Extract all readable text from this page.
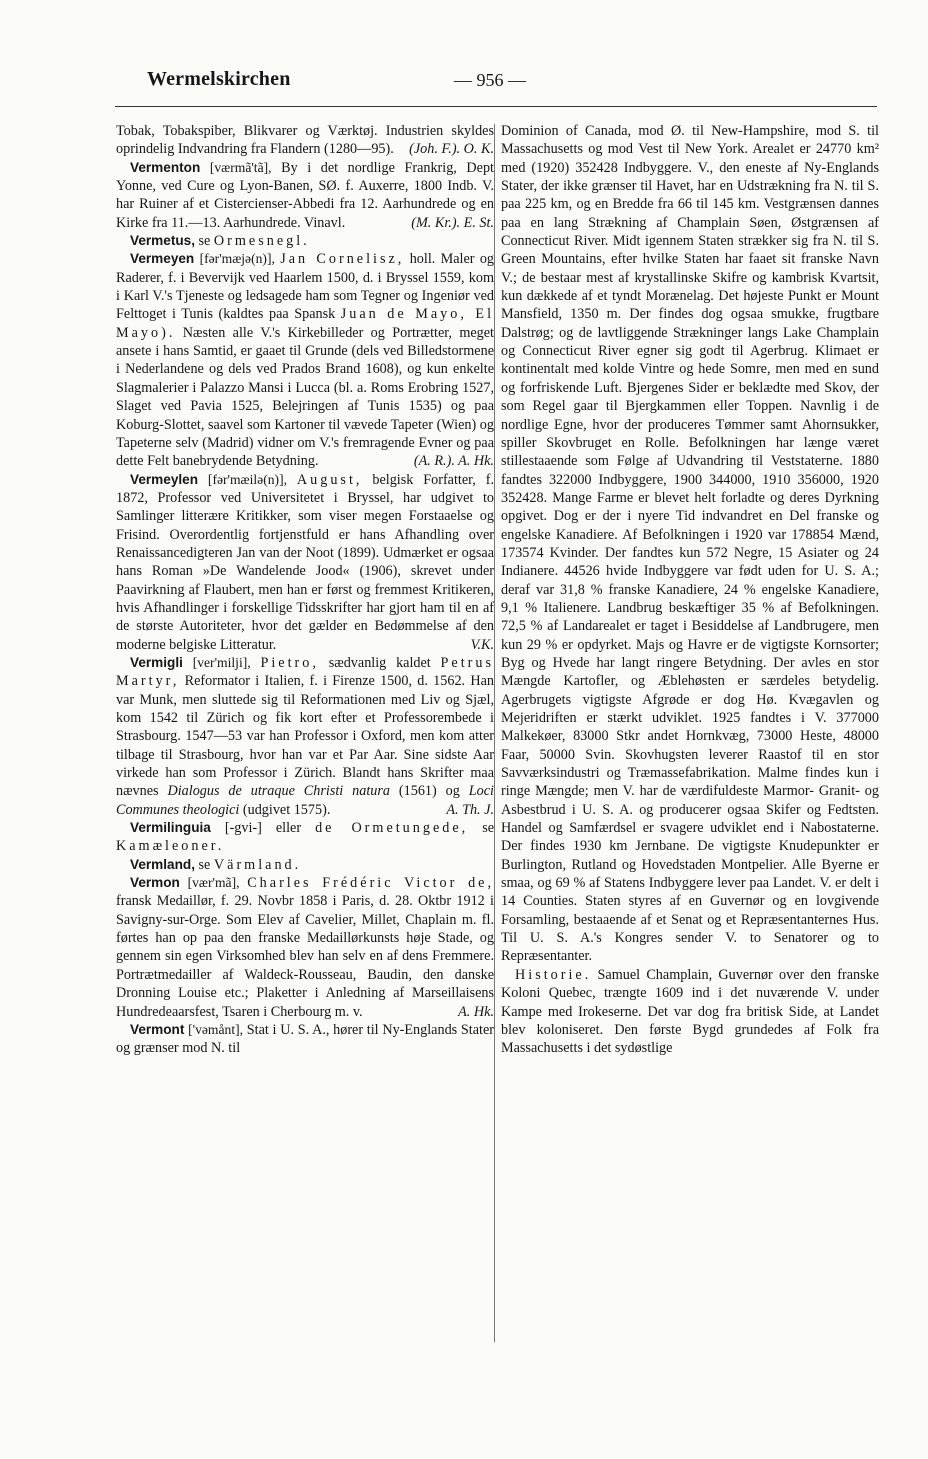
Wermelskirchen	— 956 —

Tobak, Tobakspiber, Blikvarer og Værktøj. Industrien skyldes oprindelig Indvandring fra Flandern (1280—95). (Joh. F.). O. K.

Vermenton [værmã'tã], By i det nordlige Frankrig, Dept Yonne, ved Cure og Lyon-Banen, SØ. f. Auxerre, 1800 Indb. V. har Ruiner af et Cistercienser-Abbedi fra 12. Aarhundrede og en Kirke fra 11.—13. Aarhundrede. Vinavl.	(M. Kr.). E. St.

Vermetus, se Ormesnegl.

Vermeyen [fər'mæjə(n)], Jan Cornelisz, holl. Maler og Raderer, f. i Bevervijk ved Haarlem 1500, d. i Bryssel 1559, kom i Karl V.'s Tjeneste og ledsagede ham som Tegner og Ingeniør ved Felttoget i Tunis (kaldtes paa Spansk Juan de Mayo, El Mayo). Næsten alle V.'s Kirkebilleder og Portrætter, meget ansete i hans Samtid, er gaaet til Grunde (dels ved Billedstormene i Nederlandene og dels ved Prados Brand 1608), og kun enkelte Slagmalerier i Palazzo Mansi i Lucca (bl. a. Roms Erobring 1527, Slaget ved Pavia 1525, Belejringen af Tunis 1535) og paa Koburg-Slottet, saavel som Kartoner til vævede Tapeter (Wien) og Tapeterne selv (Madrid) vidner om V.'s fremragende Evner og paa dette Felt banebrydende Betydning.	(A. R.). A. Hk.

Vermeylen [fər'mæilə(n)], August, belgisk Forfatter, f. 1872, Professor ved Universitetet i Bryssel, har udgivet to Samlinger litterære Kritikker, som viser megen Forstaaelse og Frisind. Overordentlig fortjenstfuld er hans Afhandling over Renaissancedigteren Jan van der Noot (1899). Udmærket er ogsaa hans Roman »De Wandelende Jood« (1906), skrevet under Paavirkning af Flaubert, men han er først og fremmest Kritikeren, hvis Afhandlinger i forskellige Tidsskrifter har gjort ham til en af de største Autoriteter, hvor det gælder en Bedømmelse af den moderne belgiske Litteratur.	V.K.

Vermigli [ver'milji], Pietro, sædvanlig kaldet Petrus Martyr, Reformator i Italien, f. i Firenze 1500, d. 1562. Han var Munk, men sluttede sig til Reformationen med Liv og Sjæl, kom 1542 til Zürich og fik kort efter et Professorembede i Strasbourg. 1547—53 var han Professor i Oxford, men kom atter tilbage til Strasbourg, hvor han var et Par Aar. Sine sidste Aar virkede han som Professor i Zürich. Blandt hans Skrifter maa nævnes Dialogus de utraque Christi natura (1561) og Loci Communes theologici (udgivet 1575).	A. Th. J.

Vermilinguia [-gvi-] eller de Ormetungede, se Kamæleoner.

Vermland, se Värmland.

Vermon [vær'mã], Charles Frédéric Victor de, fransk Medaillør, f. 29. Novbr 1858 i Paris, d. 28. Oktbr 1912 i Savigny-sur-Orge. Som Elev af Cavelier, Millet, Chaplain m. fl. førtes han op paa den franske Medaillørkunsts høje Stade, og gennem sin egen Virksomhed blev han selv en af dens Fremmere. Portrætmedailler af Waldeck-Rousseau, Baudin, den danske Dronning Louise etc.; Plaketter i Anledning af Marseillaisens Hundredeaarsfest, Tsaren i Cherbourg m. v.	A. Hk.

Vermont ['vəmånt], Stat i U. S. A., hører til Ny-Englands Stater og grænser mod N. til

Dominion of Canada, mod Ø. til New-Hampshire, mod S. til Massachusetts og mod Vest til New York. Arealet er 24770 km² med (1920) 352428 Indbyggere. V., den eneste af Ny-Englands Stater, der ikke grænser til Havet, har en Udstrækning fra N. til S. paa 225 km, og en Bredde fra 66 til 145 km. Vestgrænsen dannes paa en lang Strækning af Champlain Søen, Østgrænsen af Connecticut River. Midt igennem Staten strækker sig fra N. til S. Green Mountains, efter hvilke Staten har faaet sit franske Navn V.; de bestaar mest af krystallinske Skifre og kambrisk Kvartsit, kun dækkede af et tyndt Morænelag. Det højeste Punkt er Mount Mansfield, 1350 m. Der findes dog ogsaa smukke, frugtbare Dalstrøg; og de lavtliggende Strækninger langs Lake Champlain og Connecticut River egner sig godt til Agerbrug. Klimaet er kontinentalt med kolde Vintre og hede Somre, men med en sund og forfriskende Luft. Bjergenes Sider er beklædte med Skov, der som Regel gaar til Bjergkammen eller Toppen. Navnlig i de nordlige Egne, hvor der produceres Tømmer samt Ahornsukker, spiller Skovbruget en Rolle. Befolkningen har længe været stillestaaende som Følge af Udvandring til Veststaterne. 1880 fandtes 322000 Indbyggere, 1900 344000, 1910 356000, 1920 352428. Mange Farme er blevet helt forladte og deres Dyrkning opgivet. Dog er der i nyere Tid indvandret en Del franske og engelske Kanadiere. Af Befolkningen i 1920 var 178854 Mænd, 173574 Kvinder. Der fandtes kun 572 Negre, 15 Asiater og 24 Indianere. 44526 hvide Indbyggere var født uden for U. S. A.; deraf var 31,8 % franske Kanadiere, 24 % engelske Kanadiere, 9,1 % Italienere. Landbrug beskæftiger 35 % af Befolkningen. 72,5 % af Landarealet er taget i Besiddelse af Landbrugere, men kun 29 % er opdyrket. Majs og Havre er de vigtigste Kornsorter; Byg og Hvede har langt ringere Betydning. Der avles en stor Mængde Kartofler, og Æblehøsten er særdeles betydelig. Agerbrugets vigtigste Afgrøde er dog Hø. Kvægavlen og Mejeridriften er stærkt udviklet. 1925 fandtes i V. 377000 Malkekøer, 83000 Stkr andet Hornkvæg, 73000 Heste, 48000 Faar, 50000 Svin. Skovhugsten leverer Raastof til en stor Savværksindustri og Træmassefabrikation. Malme findes kun i ringe Mængde; men V. har de værdifuldeste Marmor- Granit- og Asbestbrud i U. S. A. og producerer ogsaa Skifer og Fedtsten. Handel og Samfærdsel er svagere udviklet end i Nabostaterne. Der findes 1930 km Jernbane. De vigtigste Knudepunkter er Burlington, Rutland og Hovedstaden Montpelier. Alle Byerne er smaa, og 69 % af Statens Indbyggere lever paa Landet. V. er delt i 14 Counties. Staten styres af en Guvernør og en lovgivende Forsamling, bestaaende af et Senat og et Repræsentanternes Hus. Til U. S. A.'s Kongres sender V. to Senatorer og to Repræsentanter.

Historie. Samuel Champlain, Guvernør over den franske Koloni Quebec, trængte 1609 ind i det nuværende V. under Kampe med Irokeserne. Det var dog fra britisk Side, at Landet blev koloniseret. Den første Bygd grundedes af Folk fra Massachusetts i det sydøstlige
